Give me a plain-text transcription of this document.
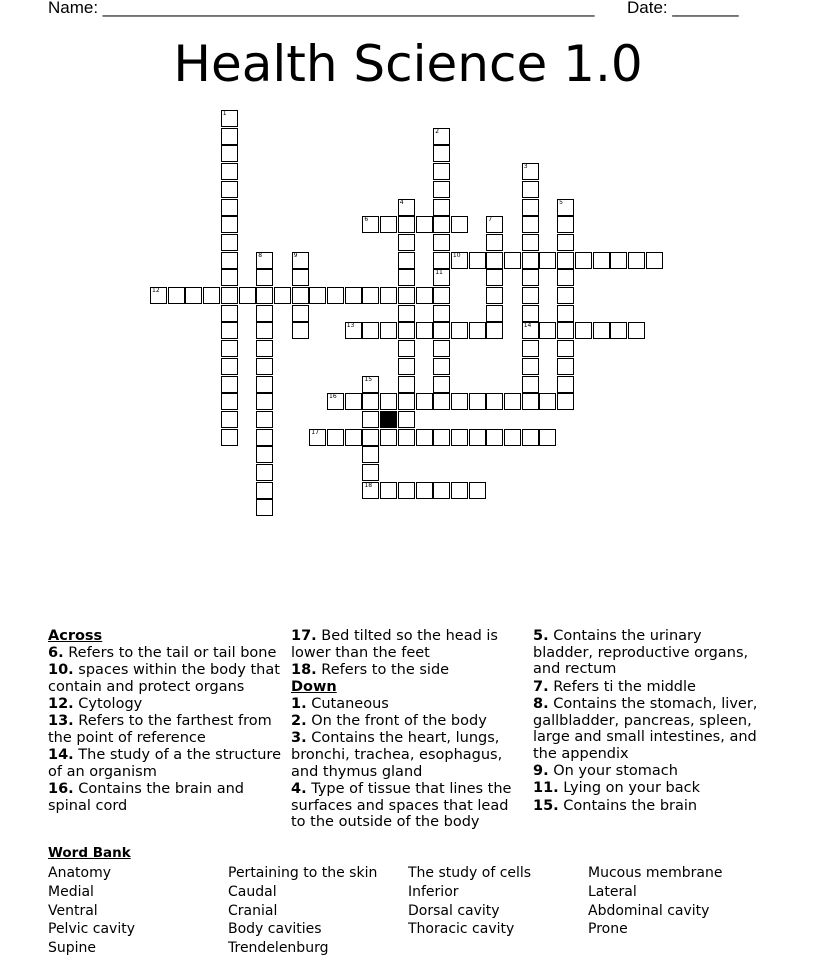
Name: ____________________________________________________ Date: _______
Health Science 1.0
6
10
12
13	14
16
17
18
1
2
3
4	5
7
8	9
11
15
Across

6. Refers to the tail or tail bone

10. spaces within the body that contain and protect organs

12. Cytology

13. Refers to the farthest from the point of reference

14. The study of a the structure of an organism

16. Contains the brain and spinal cord

17. Bed tilted so the head is lower than the feet

18. Refers to the side

Down

1. Cutaneous

2. On the front of the body

3. Contains the heart, lungs, bronchi, trachea, esophagus, and thymus gland

4. Type of tissue that lines the surfaces and spaces that lead to the outside of the body

5. Contains the urinary bladder, reproductive organs, and rectum

7. Refers ti the middle

8. Contains the stomach, liver, gallbladder, pancreas, spleen, large and small intestines, and the appendix

9. On your stomach

11. Lying on your back

15. Contains the brain

Word Bank
Anatomy
Medial
Ventral
Pelvic cavity
Supine
Pertaining to the skin
Caudal
Cranial
Body cavities
Trendelenburg
The study of cells
Inferior
Dorsal cavity
Thoracic cavity
Mucous membrane
Lateral
Abdominal cavity
Prone
